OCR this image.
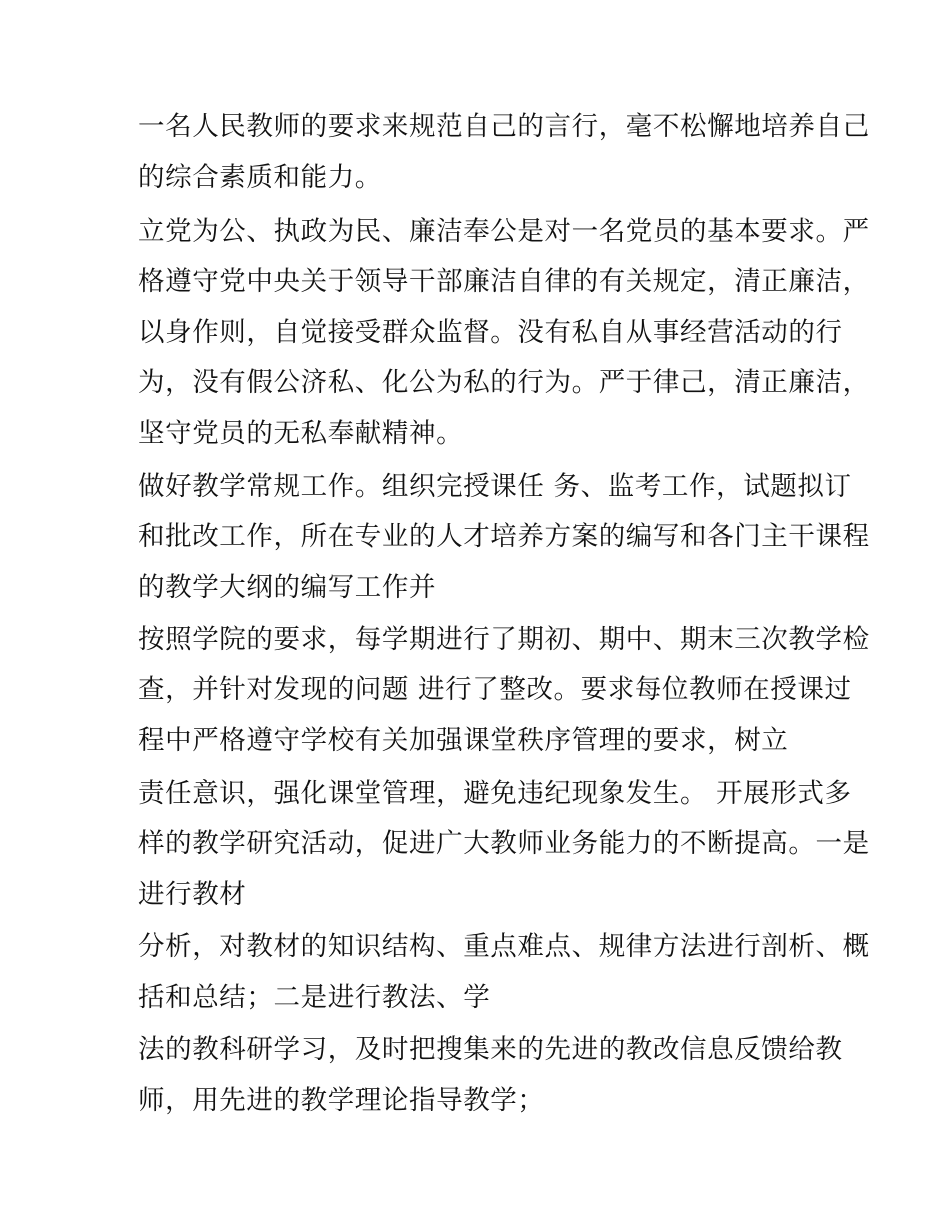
一名人民教师的要求来规范自己的言行，毫不松懈地培养自己
的综合素质和能力。
立党为公、执政为民、廉洁奉公是对一名党员的基本要求。严
格遵守党中央关于领导干部廉洁自律的有关规定，清正廉洁，
以身作则，自觉接受群众监督。没有私自从事经营活动的行
为，没有假公济私、化公为私的行为。严于律己，清正廉洁，
坚守党员的无私奉献精神。
做好教学常规工作。组织完授课任 务、监考工作，试题拟订
和批改工作，所在专业的人才培养方案的编写和各门主干课程
的教学大纲的编写工作并
按照学院的要求，每学期进行了期初、期中、期末三次教学检
查，并针对发现的问题 进行了整改。要求每位教师在授课过
程中严格遵守学校有关加强课堂秩序管理的要求，树立
责任意识，强化课堂管理，避免违纪现象发生。 开展形式多
样的教学研究活动，促进广大教师业务能力的不断提高。一是
进行教材
分析，对教材的知识结构、重点难点、规律方法进行剖析、概
括和总结；二是进行教法、学
法的教科研学习，及时把搜集来的先进的教改信息反馈给教
师，用先进的教学理论指导教学；
